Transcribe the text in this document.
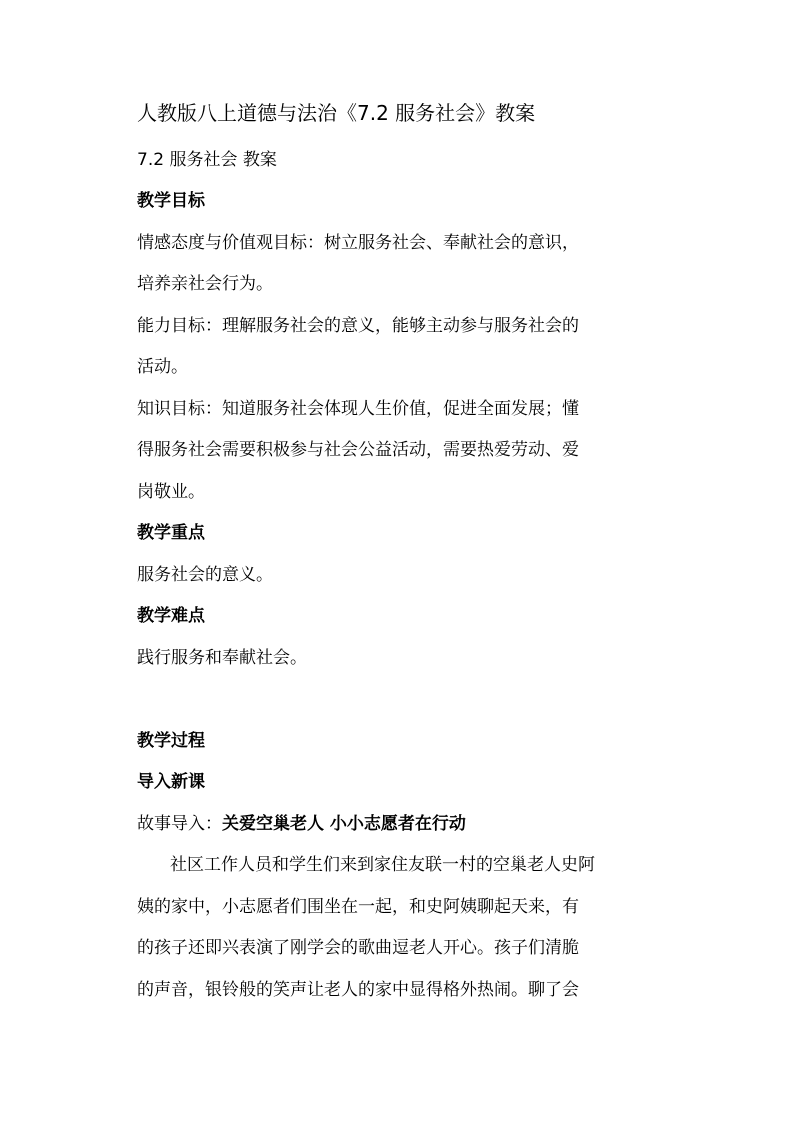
人教版八上道德与法治《7.2 服务社会》教案
7.2 服务社会 教案
教学目标
情感态度与价值观目标：树立服务社会、奉献社会的意识，
培养亲社会行为。
能力目标：理解服务社会的意义，能够主动参与服务社会的
活动。
知识目标：知道服务社会体现人生价值，促进全面发展；懂
得服务社会需要积极参与社会公益活动，需要热爱劳动、爱
岗敬业。
教学重点
服务社会的意义。
教学难点
践行服务和奉献社会。
教学过程
导入新课
故事导入：关爱空巢老人 小小志愿者在行动
社区工作人员和学生们来到家住友联一村的空巢老人史阿
姨的家中，小志愿者们围坐在一起，和史阿姨聊起天来，有
的孩子还即兴表演了刚学会的歌曲逗老人开心。孩子们清脆
的声音，银铃般的笑声让老人的家中显得格外热闹。聊了会
